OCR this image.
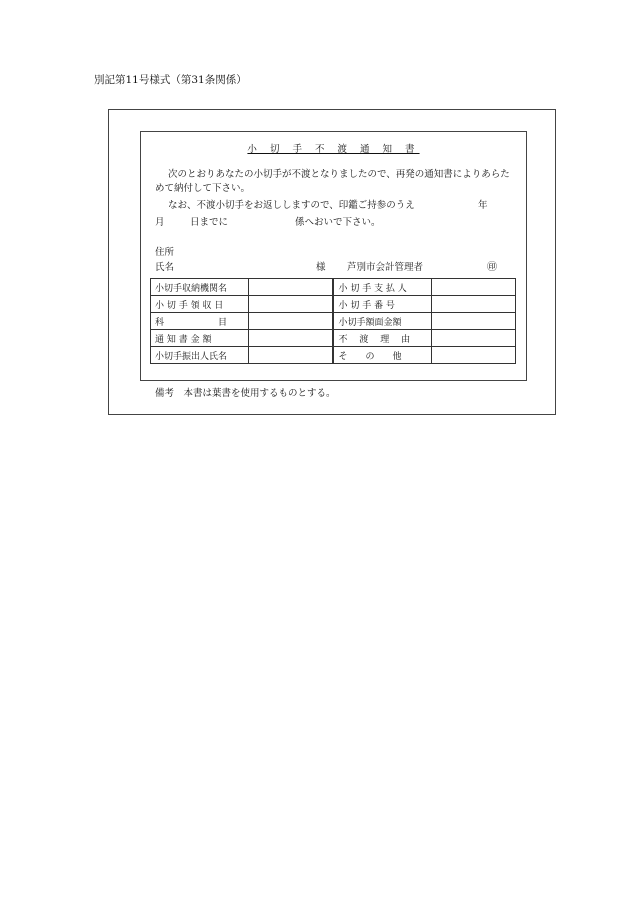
別記第11号様式（第31条関係）
小 切 手 不 渡 通 知 書
次のとおりあなたの小切手が不渡となりましたので、再発の通知書によりあらためて納付して下さい。
なお、不渡小切手をお返ししますので、印鑑ご持参のうえ	年
月	日までに	係へおいで下さい。
住所
氏名	様 芦別市会計管理者	㊞
小切手収納機関名			小 切 手 支 払 人	
小 切 手 領 収 日			小 切 手 番 号	
科　　　　　　目			小切手額面金額	
通 知 書 金 額			不　 渡 　理　 由	
小切手振出人氏名			そ　　の　　他	
備考　本書は葉書を使用するものとする。
